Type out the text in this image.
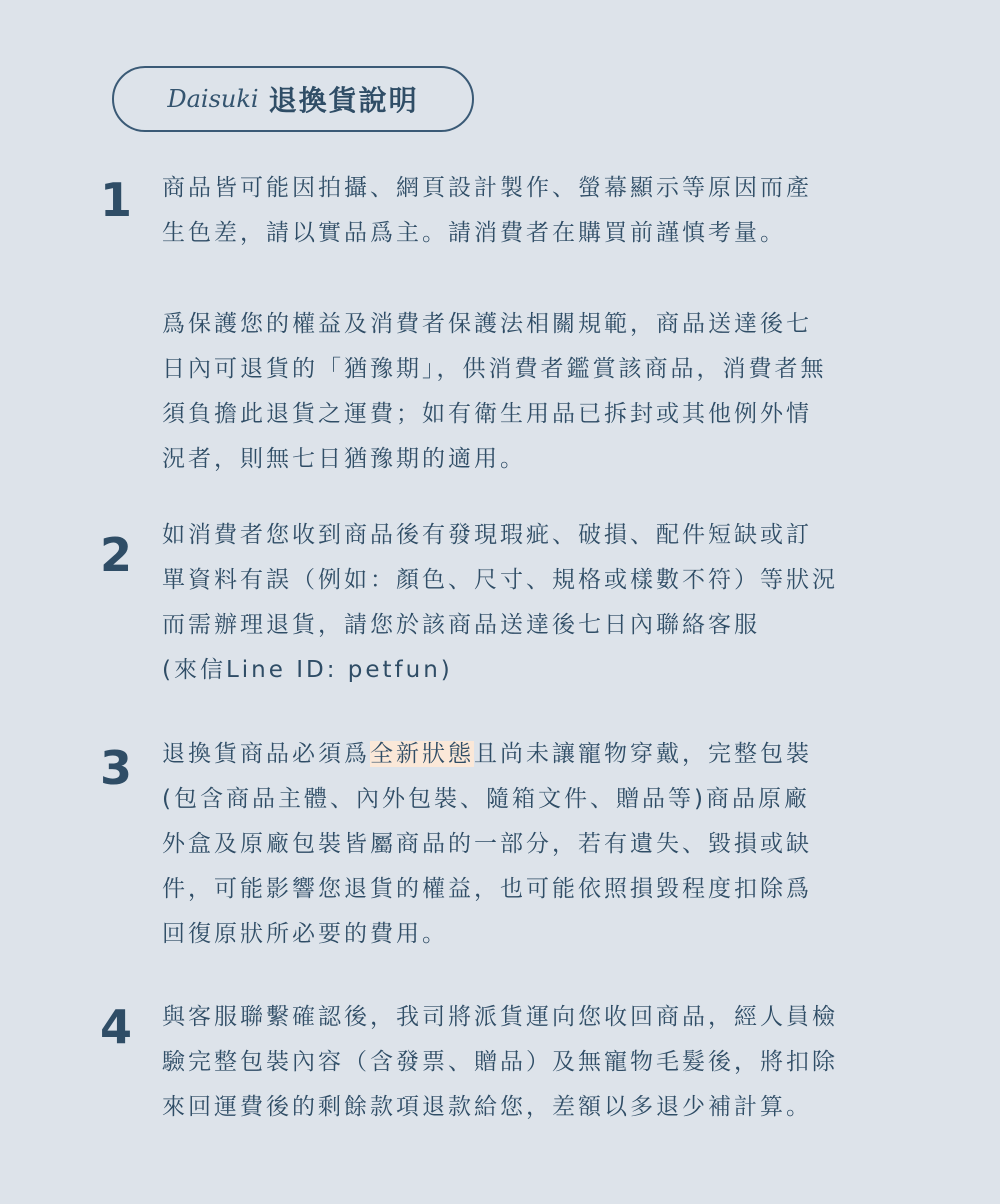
Daisuki 退換貨說明
1 商品皆可能因拍攝、網頁設計製作、螢幕顯示等原因而產
生色差，請以實品爲主。請消費者在購買前謹慎考量。
爲保護您的權益及消費者保護法相關規範，商品送達後七
日內可退貨的「猶豫期」，供消費者鑑賞該商品，消費者無
須負擔此退貨之運費；如有衛生用品已拆封或其他例外情
況者，則無七日猶豫期的適用。
2 如消費者您收到商品後有發現瑕疵、破損、配件短缺或訂
單資料有誤（例如：顏色、尺寸、規格或樣數不符）等狀況
而需辦理退貨，請您於該商品送達後七日內聯絡客服
(來信Line ID: petfun)
3 退換貨商品必須爲全新狀態且尚未讓寵物穿戴，完整包裝
(包含商品主體、內外包裝、隨箱文件、贈品等)商品原廠
外盒及原廠包裝皆屬商品的一部分，若有遺失、毀損或缺
件，可能影響您退貨的權益，也可能依照損毀程度扣除爲
回復原狀所必要的費用。
4 與客服聯繫確認後，我司將派貨運向您收回商品，經人員檢
驗完整包裝內容（含發票、贈品）及無寵物毛髮後，將扣除
來回運費後的剩餘款項退款給您，差額以多退少補計算。
